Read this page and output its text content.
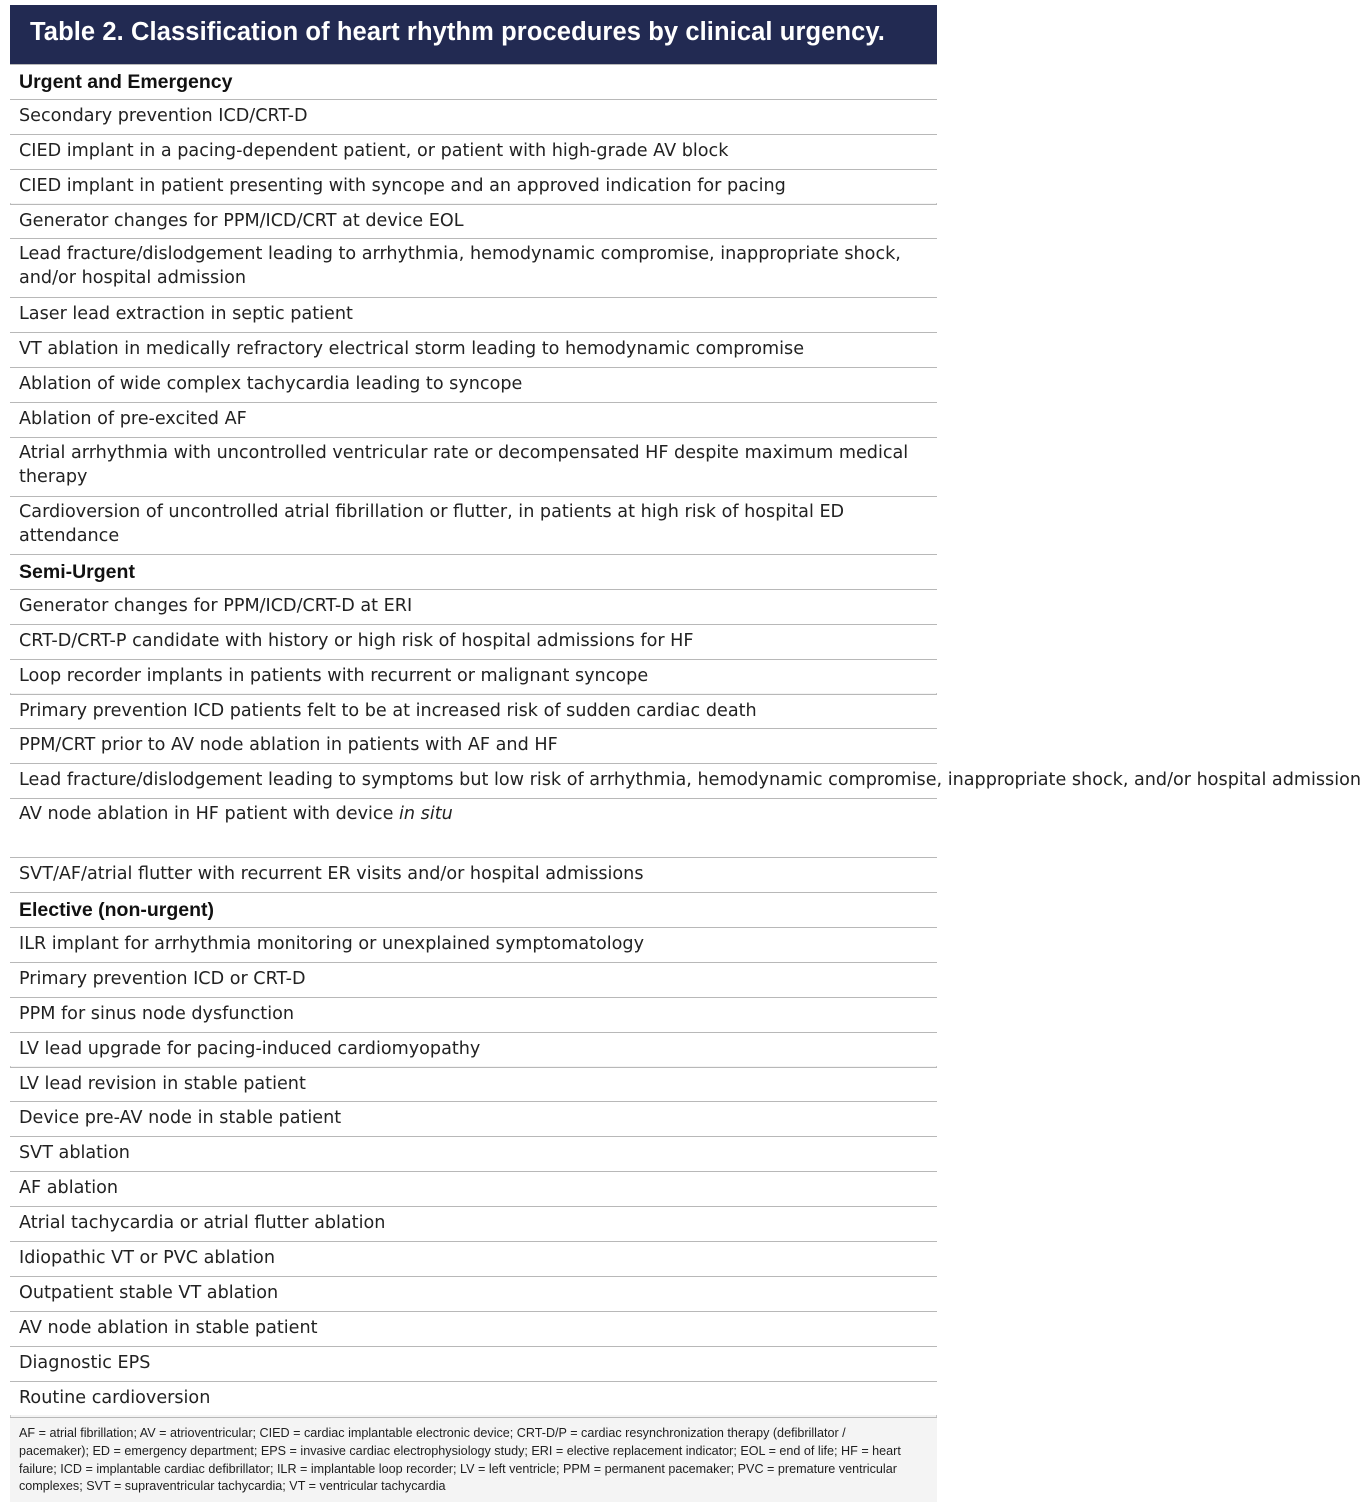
Table 2. Classification of heart rhythm procedures by clinical urgency.
Urgent and Emergency
Secondary prevention ICD/CRT-D
CIED implant in a pacing-dependent patient, or patient with high-grade AV block
CIED implant in patient presenting with syncope and an approved indication for pacing
Generator changes for PPM/ICD/CRT at device EOL
Lead fracture/dislodgement leading to arrhythmia, hemodynamic compromise, inappropriate shock, and/or hospital admission
Laser lead extraction in septic patient
VT ablation in medically refractory electrical storm leading to hemodynamic compromise
Ablation of wide complex tachycardia leading to syncope
Ablation of pre-excited AF
Atrial arrhythmia with uncontrolled ventricular rate or decompensated HF despite maximum medical therapy
Cardioversion of uncontrolled atrial fibrillation or flutter, in patients at high risk of hospital ED attendance
Semi-Urgent
Generator changes for PPM/ICD/CRT-D at ERI
CRT-D/CRT-P candidate with history or high risk of hospital admissions for HF
Loop recorder implants in patients with recurrent or malignant syncope
Primary prevention ICD patients felt to be at increased risk of sudden cardiac death
PPM/CRT prior to AV node ablation in patients with AF and HF
Lead fracture/dislodgement leading to symptoms but low risk of arrhythmia, hemodynamic compromise, inappropriate shock, and/or hospital admission
AV node ablation in HF patient with device in situ
SVT/AF/atrial flutter with recurrent ER visits and/or hospital admissions
Elective (non-urgent)
ILR implant for arrhythmia monitoring or unexplained symptomatology
Primary prevention ICD or CRT-D
PPM for sinus node dysfunction
LV lead upgrade for pacing-induced cardiomyopathy
LV lead revision in stable patient
Device pre-AV node in stable patient
SVT ablation
AF ablation
Atrial tachycardia or atrial flutter ablation
Idiopathic VT or PVC ablation
Outpatient stable VT ablation
AV node ablation in stable patient
Diagnostic EPS
Routine cardioversion
AF = atrial fibrillation; AV = atrioventricular; CIED = cardiac implantable electronic device; CRT-D/P = cardiac resynchronization therapy (defibrillator / pacemaker); ED = emergency department; EPS = invasive cardiac electrophysiology study; ERI = elective replacement indicator; EOL = end of life; HF = heart failure; ICD = implantable cardiac defibrillator; ILR = implantable loop recorder; LV = left ventricle; PPM = permanent pacemaker; PVC = premature ventricular complexes; SVT = supraventricular tachycardia; VT = ventricular tachycardia
